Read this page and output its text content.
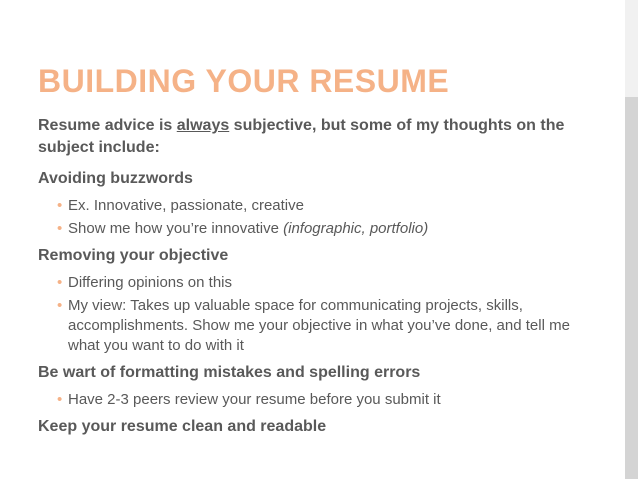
BUILDING YOUR RESUME

Resume advice is always subjective, but some of my thoughts on the subject include:

Avoiding buzzwords

• Ex. Innovative, passionate, creative
• Show me how you’re innovative (infographic, portfolio)

Removing your objective

• Differing opinions on this
• My view: Takes up valuable space for communicating projects, skills, accomplishments. Show me your objective in what you’ve done, and tell me what you want to do with it

Be wart of formatting mistakes and spelling errors

• Have 2-3 peers review your resume before you submit it

Keep your resume clean and readable
